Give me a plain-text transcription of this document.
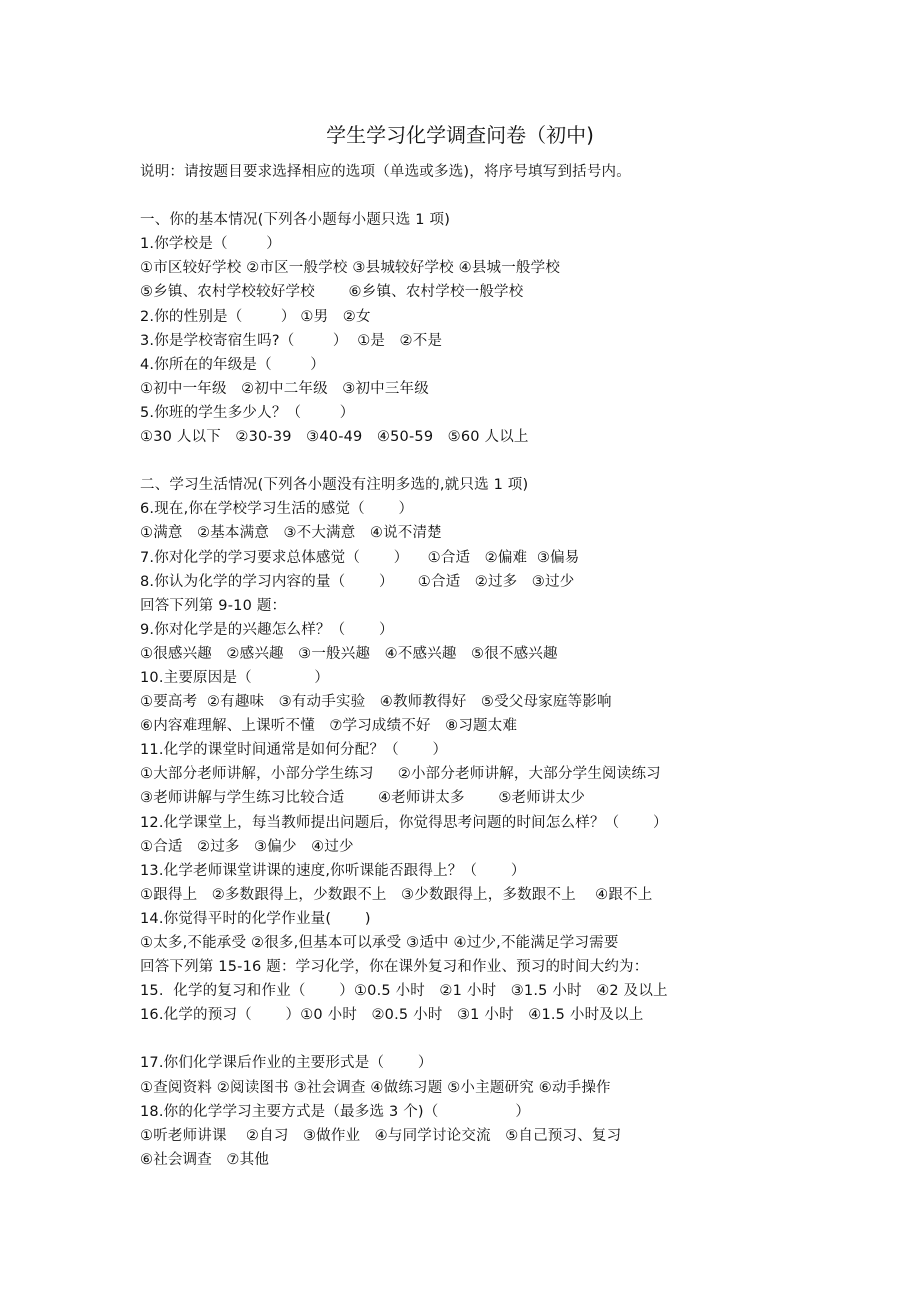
学生学习化学调查问卷（初中)
说明：请按题目要求选择相应的选项（单选或多选)，将序号填写到括号内。
一、你的基本情况(下列各小题每小题只选 1 项)
1.你学校是（        ）
①市区较好学校 ②市区一般学校 ③县城较好学校 ④县城一般学校
⑤乡镇、农村学校较好学校       ⑥乡镇、农村学校一般学校
2.你的性别是（        ） ①男   ②女
3.你是学校寄宿生吗?（        ）  ①是   ②不是
4.你所在的年级是（        ）
①初中一年级   ②初中二年级   ③初中三年级
5.你班的学生多少人？（        ）
①30 人以下   ②30-39   ③40-49   ④50-59   ⑤60 人以上
二、学习生活情况(下列各小题没有注明多选的,就只选 1 项)
6.现在,你在学校学习生活的感觉（       ）
①满意   ②基本满意   ③不大满意   ④说不清楚
7.你对化学的学习要求总体感觉（       ）    ①合适   ②偏难  ③偏易
8.你认为化学的学习内容的量（       ）     ①合适   ②过多   ③过少
回答下列第 9-10 题：
9.你对化学是的兴趣怎么样？（       ）
①很感兴趣   ②感兴趣   ③一般兴趣   ④不感兴趣   ⑤很不感兴趣
10.主要原因是（             ）
①要高考  ②有趣味   ③有动手实验   ④教师教得好   ⑤受父母家庭等影响
⑥内容难理解、上课听不懂   ⑦学习成绩不好   ⑧习题太难
11.化学的课堂时间通常是如何分配？（       ）
①大部分老师讲解，小部分学生练习     ②小部分老师讲解，大部分学生阅读练习
③老师讲解与学生练习比较合适       ④老师讲太多       ⑤老师讲太少
12.化学课堂上，每当教师提出问题后，你觉得思考问题的时间怎么样？（       ）
①合适   ②过多   ③偏少   ④过少
13.化学老师课堂讲课的速度,你听课能否跟得上？（       ）
①跟得上   ②多数跟得上，少数跟不上   ③少数跟得上，多数跟不上    ④跟不上
14.你觉得平时的化学作业量(       )
①太多,不能承受 ②很多,但基本可以承受 ③适中 ④过少,不能满足学习需要
回答下列第 15-16 题：学习化学，你在课外复习和作业、预习的时间大约为：
15.  化学的复习和作业（       ）①0.5 小时   ②1 小时   ③1.5 小时   ④2 及以上
16.化学的预习（       ）①0 小时   ②0.5 小时   ③1 小时   ④1.5 小时及以上
17.你们化学课后作业的主要形式是（       ）
①查阅资料 ②阅读图书 ③社会调查 ④做练习题 ⑤小主题研究 ⑥动手操作
18.你的化学学习主要方式是（最多选 3 个)（                ）
①听老师讲课    ②自习   ③做作业   ④与同学讨论交流   ⑤自己预习、复习
⑥社会调查   ⑦其他
